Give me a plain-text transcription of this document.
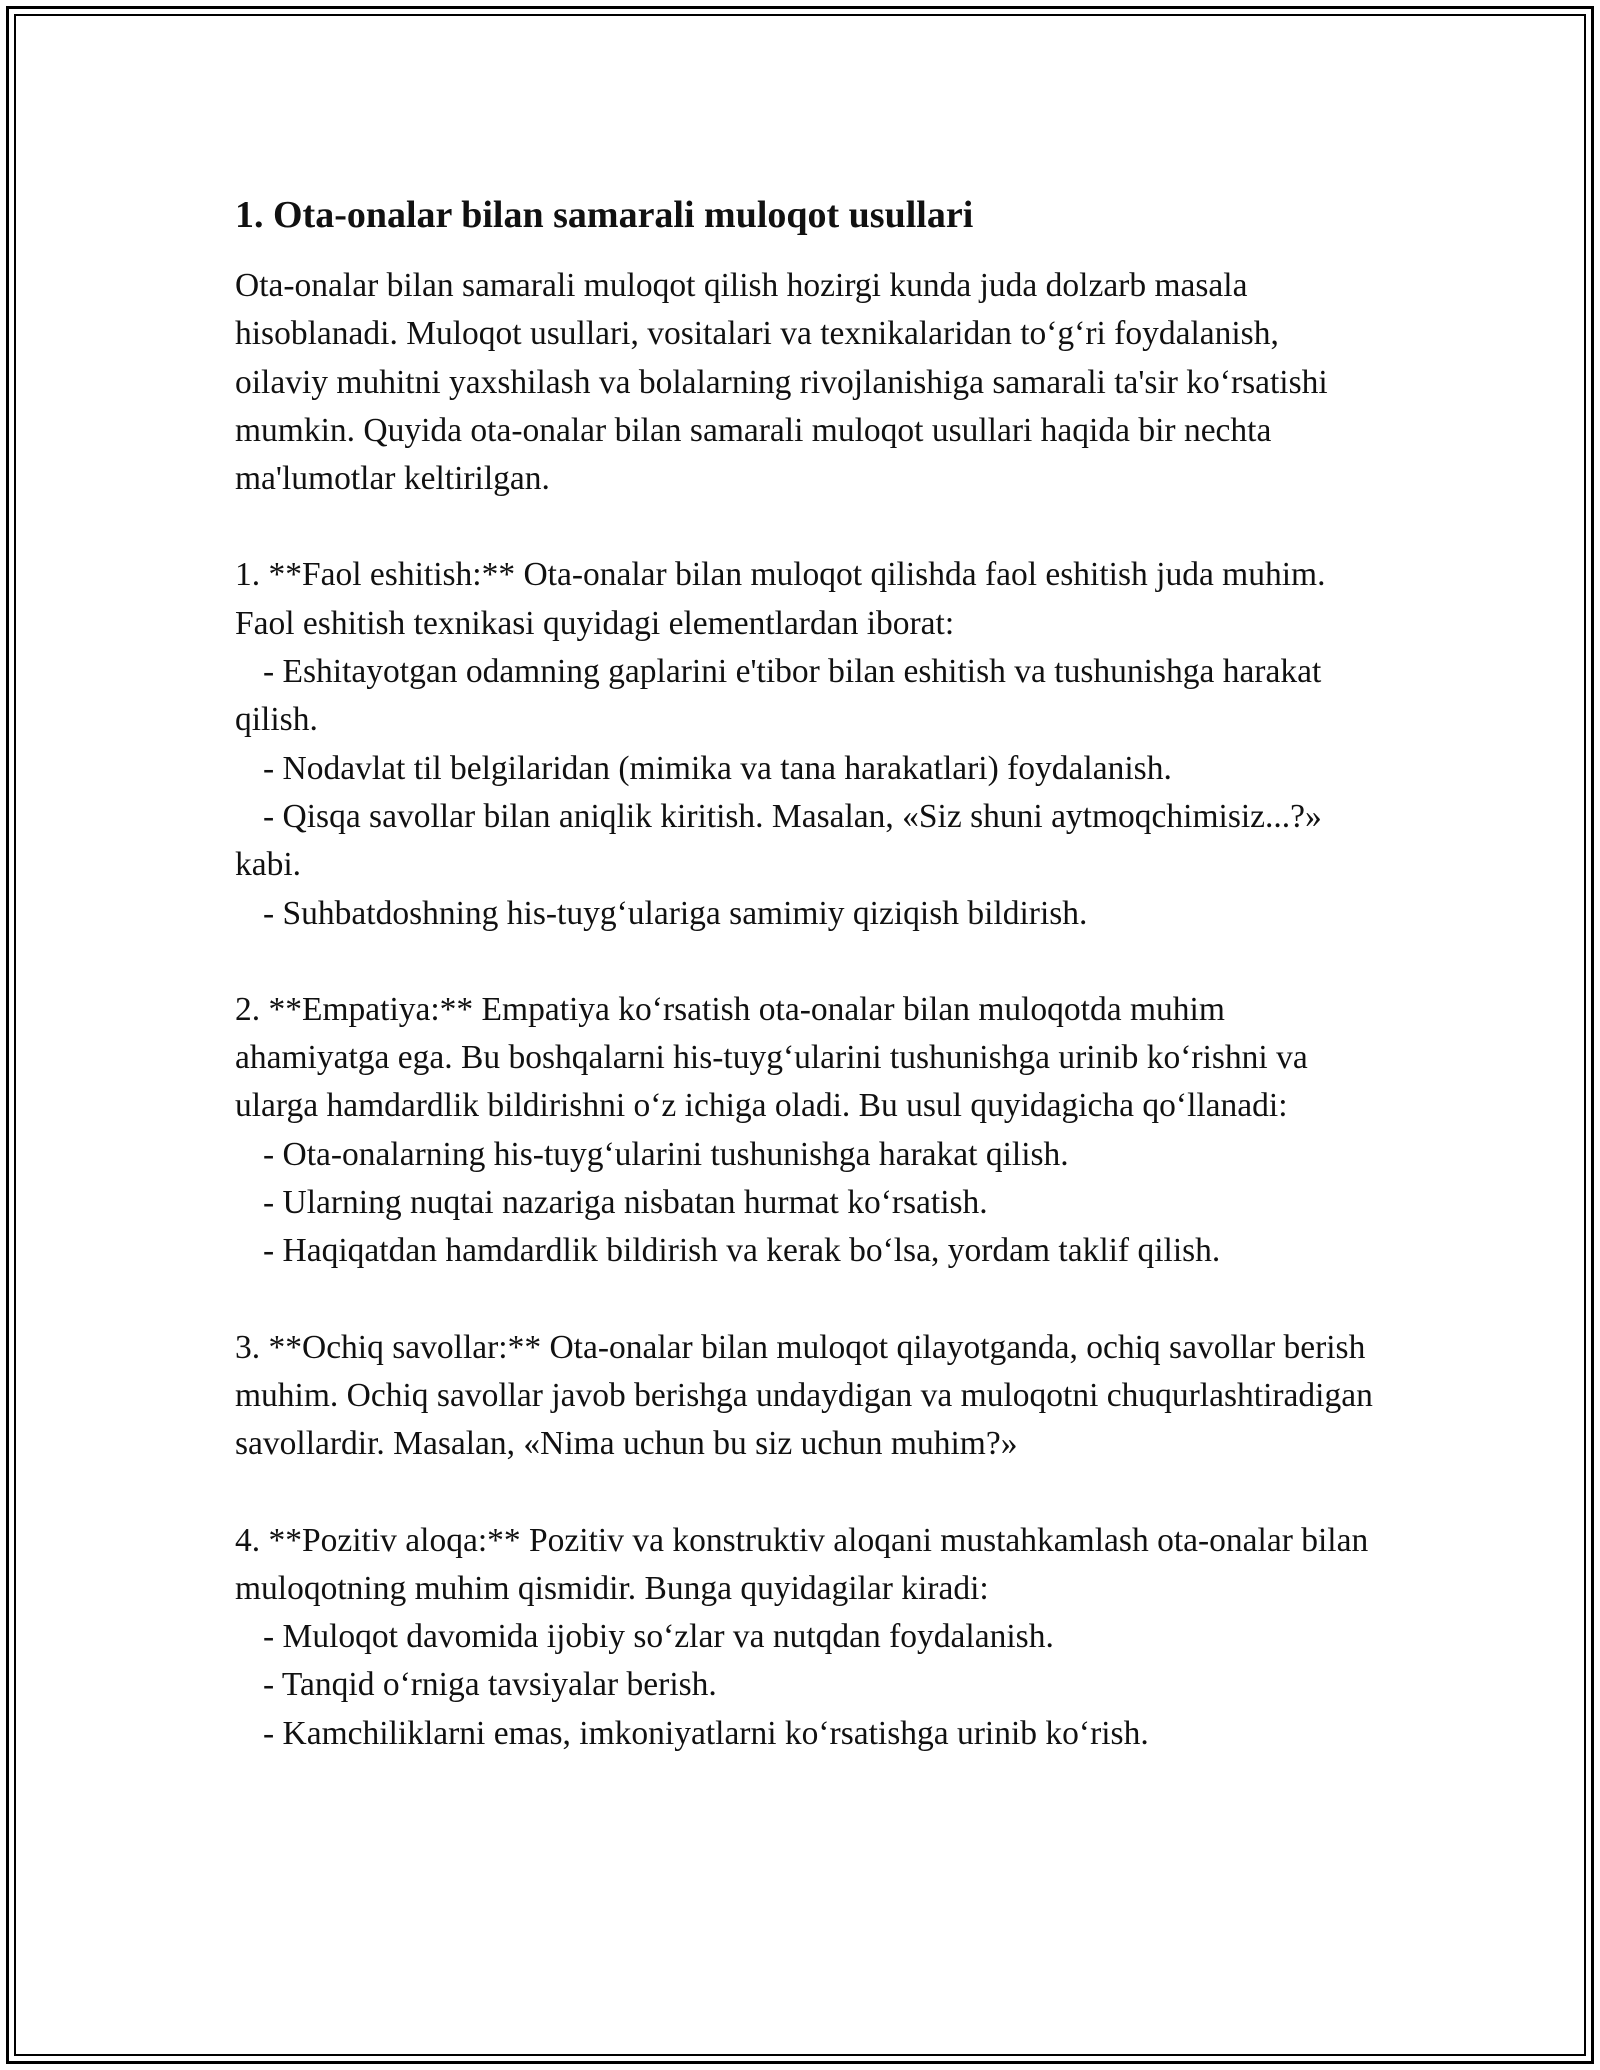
1. Ota-onalar bilan samarali muloqot usullari

Ota-onalar bilan samarali muloqot qilish hozirgi kunda juda dolzarb masala hisoblanadi. Muloqot usullari, vositalari va texnikalaridan to‘g‘ri foydalanish, oilaviy muhitni yaxshilash va bolalarning rivojlanishiga samarali ta'sir ko‘rsatishi mumkin. Quyida ota-onalar bilan samarali muloqot usullari haqida bir nechta ma'lumotlar keltirilgan.

1. **Faol eshitish:** Ota-onalar bilan muloqot qilishda faol eshitish juda muhim. Faol eshitish texnikasi quyidagi elementlardan iborat:

- Eshitayotgan odamning gaplarini e'tibor bilan eshitish va tushunishga harakat qilish.
- Nodavlat til belgilaridan (mimika va tana harakatlari) foydalanish.
- Qisqa savollar bilan aniqlik kiritish. Masalan, «Siz shuni aytmoqchimisiz...?» kabi.
- Suhbatdoshning his-tuyg‘ulariga samimiy qiziqish bildirish.

2. **Empatiya:** Empatiya ko‘rsatish ota-onalar bilan muloqotda muhim ahamiyatga ega. Bu boshqalarni his-tuyg‘ularini tushunishga urinib ko‘rishni va ularga hamdardlik bildirishni o‘z ichiga oladi. Bu usul quyidagicha qo‘llanadi:

- Ota-onalarning his-tuyg‘ularini tushunishga harakat qilish.
- Ularning nuqtai nazariga nisbatan hurmat ko‘rsatish.
- Haqiqatdan hamdardlik bildirish va kerak bo‘lsa, yordam taklif qilish.

3. **Ochiq savollar:** Ota-onalar bilan muloqot qilayotganda, ochiq savollar berish muhim. Ochiq savollar javob berishga undaydigan va muloqotni chuqurlashtiradigan savollardir. Masalan, «Nima uchun bu siz uchun muhim?»

4. **Pozitiv aloqa:** Pozitiv va konstruktiv aloqani mustahkamlash ota-onalar bilan muloqotning muhim qismidir. Bunga quyidagilar kiradi:

- Muloqot davomida ijobiy so‘zlar va nutqdan foydalanish.
- Tanqid o‘rniga tavsiyalar berish.
- Kamchiliklarni emas, imkoniyatlarni ko‘rsatishga urinib ko‘rish.
